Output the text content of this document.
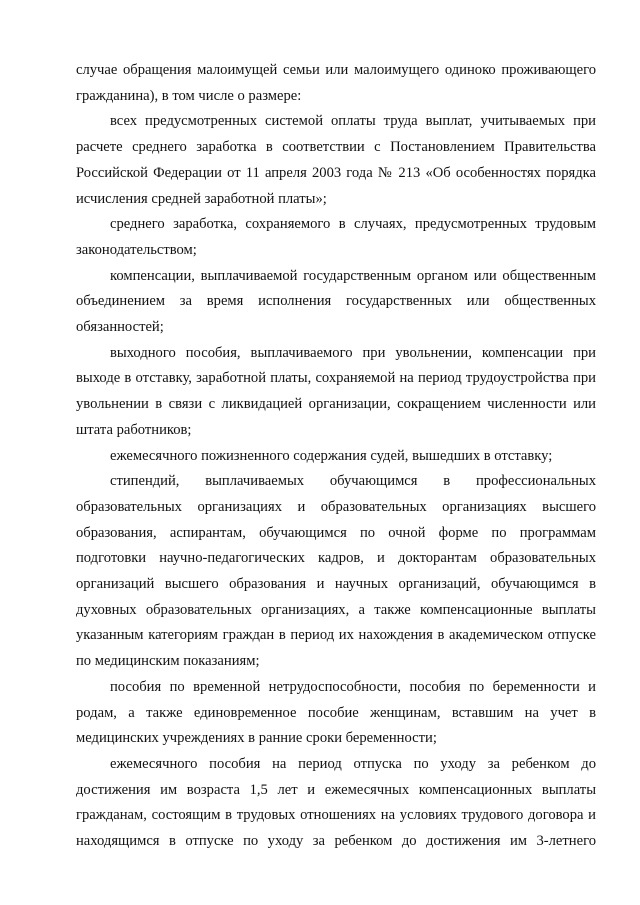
случае обращения малоимущей семьи или малоимущего одиноко проживающего гражданина), в том числе о размере:

всех предусмотренных системой оплаты труда выплат, учитываемых при расчете среднего заработка в соответствии с Постановлением Правительства Российской Федерации от 11 апреля 2003 года № 213 «Об особенностях порядка исчисления средней заработной платы»;

среднего заработка, сохраняемого в случаях, предусмотренных трудовым законодательством;

компенсации, выплачиваемой государственным органом или общественным объединением за время исполнения государственных или общественных обязанностей;

выходного пособия, выплачиваемого при увольнении, компенсации при выходе в отставку, заработной платы, сохраняемой на период трудоустройства при увольнении в связи с ликвидацией организации, сокращением численности или штата работников;

ежемесячного пожизненного содержания судей, вышедших в отставку;

стипендий, выплачиваемых обучающимся в профессиональных образовательных организациях и образовательных организациях высшего образования, аспирантам, обучающимся по очной форме по программам подготовки научно-педагогических кадров, и докторантам образовательных организаций высшего образования и научных организаций, обучающимся в духовных образовательных организациях, а также компенсационные выплаты указанным категориям граждан в период их нахождения в академическом отпуске по медицинским показаниям;

пособия по временной нетрудоспособности, пособия по беременности и родам, а также единовременное пособие женщинам, вставшим на учет в медицинских учреждениях в ранние сроки беременности;

ежемесячного пособия на период отпуска по уходу за ребенком до достижения им возраста 1,5 лет и ежемесячных компенсационных выплаты гражданам, состоящим в трудовых отношениях на условиях трудового договора и находящимся в отпуске по уходу за ребенком до достижения им 3-летнего
